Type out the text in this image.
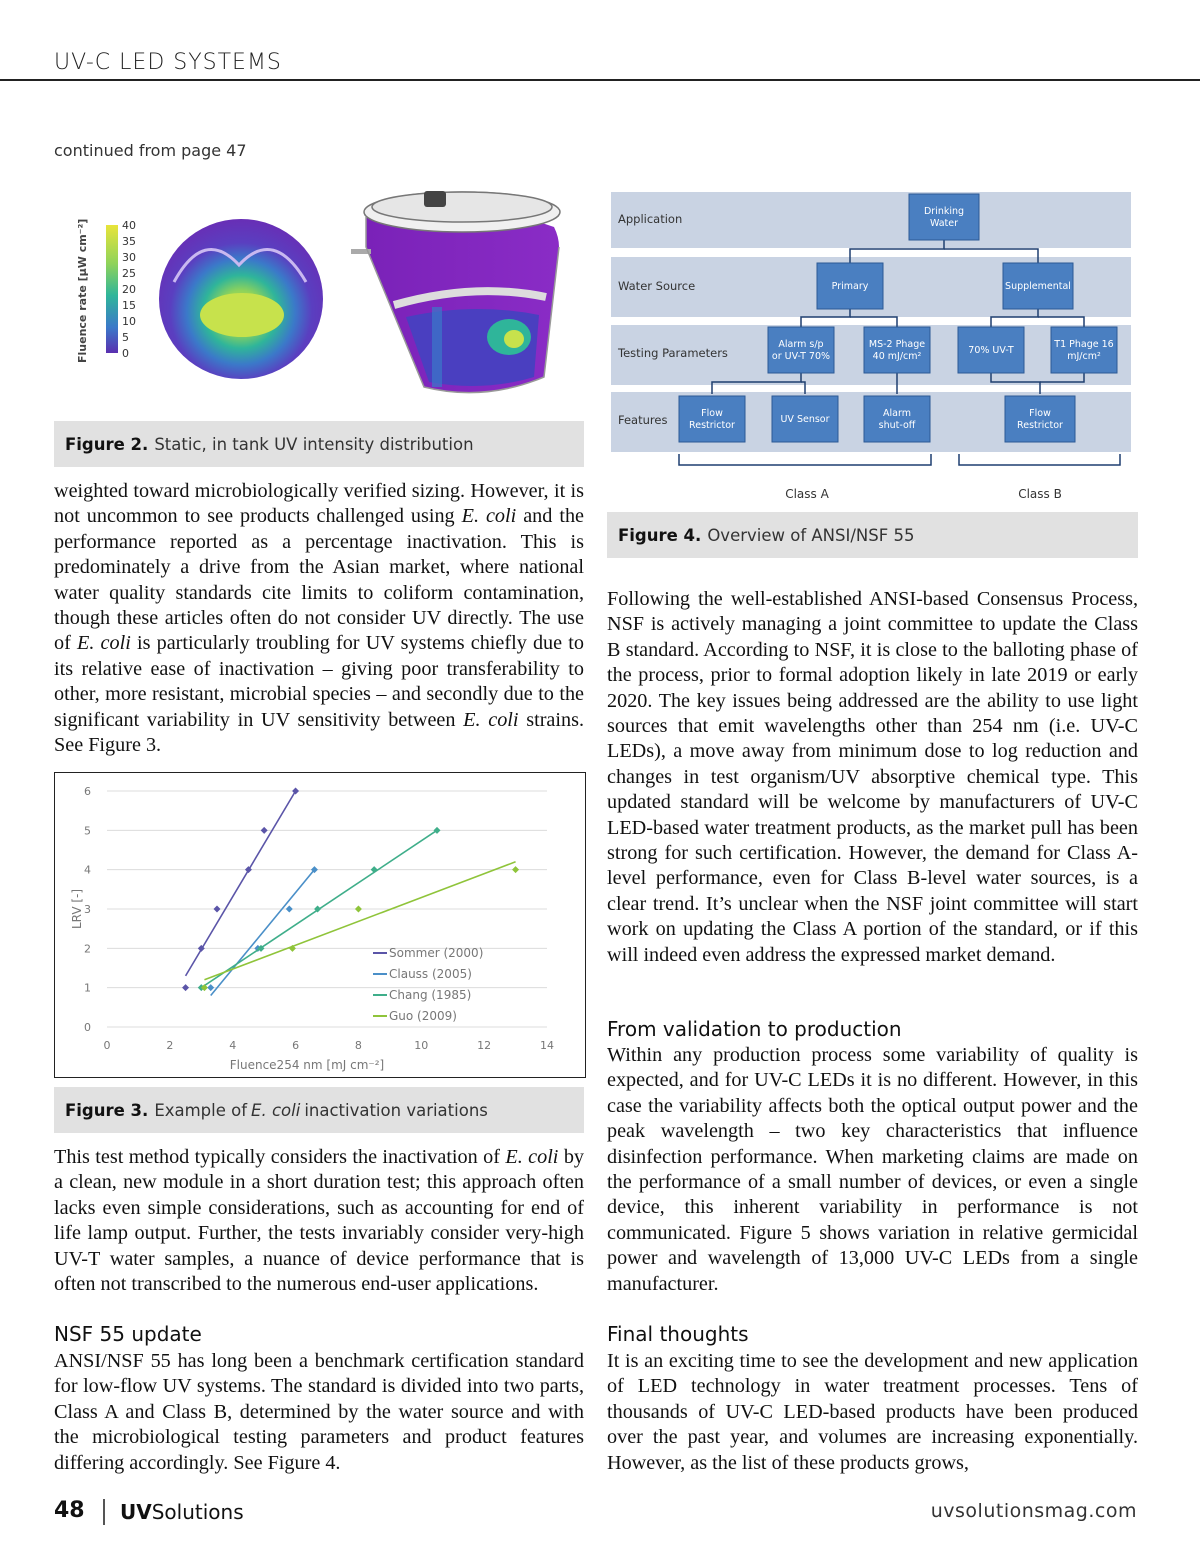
UV-C LED SYSTEMS
continued from page 47
Fluence rate [µW cm⁻²]	40
35
30
25
20
15
10
5
0
Figure 2. Static, in tank UV intensity distribution
weighted toward microbiologically verified sizing. However, it is not uncommon to see products challenged using E. coli and the performance reported as a percentage inactivation. This is predominately a drive from the Asian market, where national water quality standards cite limits to coliform contamination, though these articles often do not consider UV directly. The use of E. coli is particularly troubling for UV systems chiefly due to its relative ease of inactivation – giving poor transferability to other, more resistant, microbial species – and secondly due to the significant variability in UV sensitivity between E. coli strains. See Figure 3.
0
1
2
3
4
5
6
0	2	4	6	8	10	12	14
LRV [-]
Fluence254 nm [mJ cm⁻²]
Sommer (2000)
Clauss (2005)
Chang (1985)
Guo (2009)
Figure 3. Example of E. coli inactivation variations
This test method typically considers the inactivation of E. coli by a clean, new module in a short duration test; this approach often lacks even simple considerations, such as accounting for end of life lamp output. Further, the tests invariably consider very-high UV-T water samples, a nuance of device performance that is often not transcribed to the numerous end-user applications.
NSF 55 update
ANSI/NSF 55 has long been a benchmark certification standard for low-flow UV systems. The standard is divided into two parts, Class A and Class B, determined by the water source and with the microbiological testing parameters and product features differing accordingly. See Figure 4.
Application
Water Source
Testing Parameters
Features
Drinking Water
Primary	Supplemental
Alarm s/p or UV-T 70%
MS-2 Phage 40 mJ/cm²
70% UV-T
T1 Phage 16 mJ/cm²
Flow Restrictor
UV Sensor
Alarm shut-off
Flow Restrictor
Class A	Class B
Figure 4. Overview of ANSI/NSF 55
Following the well-established ANSI-based Consensus Process, NSF is actively managing a joint committee to update the Class B standard. According to NSF, it is close to the balloting phase of the process, prior to formal adoption likely in late 2019 or early 2020. The key issues being addressed are the ability to use light sources that emit wavelengths other than 254 nm (i.e. UV-C LEDs), a move away from minimum dose to log reduction and changes in test organism/UV absorptive chemical type. This updated standard will be welcome by manufacturers of UV-C LED-based water treatment products, as the market pull has been strong for such certification. However, the demand for Class A-level performance, even for Class B-level water sources, is a clear trend. It’s unclear when the NSF joint committee will start work on updating the Class A portion of the standard, or if this will indeed even address the expressed market demand.
From validation to production
Within any production process some variability of quality is expected, and for UV-C LEDs it is no different. However, in this case the variability affects both the optical output power and the peak wavelength – two key characteristics that influence disinfection performance. When marketing claims are made on the performance of a small number of devices, or even a single device, this inherent variability in performance is not communicated. Figure 5 shows variation in relative germicidal power and wavelength of 13,000 UV-C LEDs from a single manufacturer.
Final thoughts
It is an exciting time to see the development and new application of LED technology in water treatment processes. Tens of thousands of UV-C LED-based products have been produced over the past year, and volumes are increasing exponentially. However, as the list of these products grows,
48 UVSolutions	uvsolutionsmag.com
